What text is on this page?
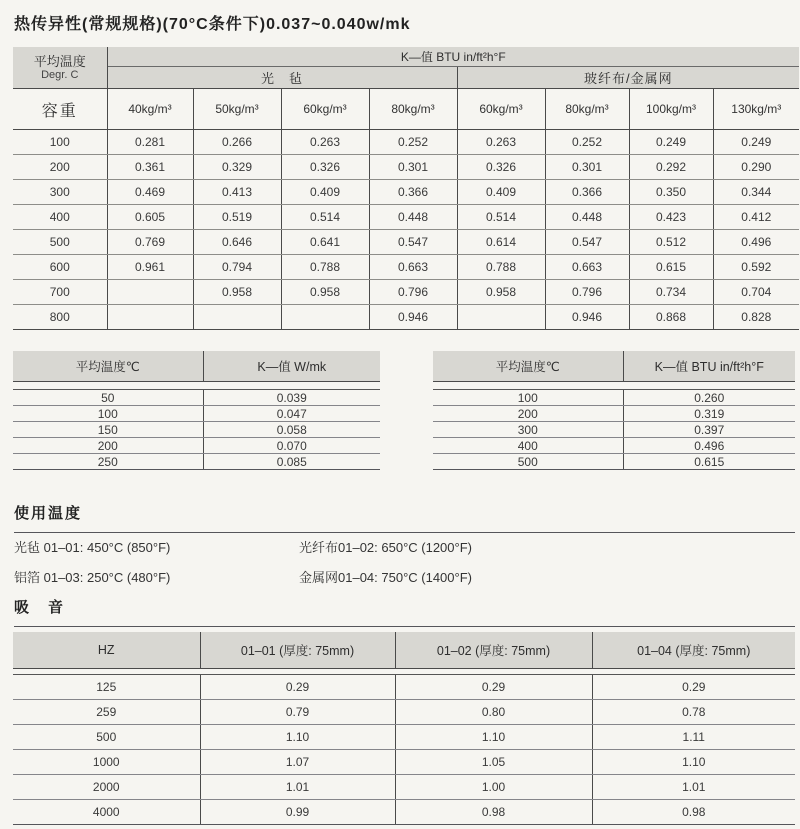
热传异性(常规规格)(70°C条件下)0.037~0.040w/mk
平均温度
Degr. C	K—值 BTU in/ft²h°F							
	光　毡				玻纤布/金属网			
容重	40kg/m³	50kg/m³	60kg/m³	80kg/m³	60kg/m³	80kg/m³	100kg/m³	130kg/m³
100	0.281	0.266	0.263	0.252	0.263	0.252	0.249	0.249
200	0.361	0.329	0.326	0.301	0.326	0.301	0.292	0.290
300	0.469	0.413	0.409	0.366	0.409	0.366	0.350	0.344
400	0.605	0.519	0.514	0.448	0.514	0.448	0.423	0.412
500	0.769	0.646	0.641	0.547	0.614	0.547	0.512	0.496
600	0.961	0.794	0.788	0.663	0.788	0.663	0.615	0.592
700		0.958	0.958	0.796	0.958	0.796	0.734	0.704
800				0.946		0.946	0.868	0.828
平均温度℃	K—值 W/mk

50	0.039
100	0.047
150	0.058
200	0.070
250	0.085
平均温度℃	K—值 BTU in/ft²h°F

100	0.260
200	0.319
300	0.397
400	0.496
500	0.615
使用温度
光毡 01–01: 450°C (850°F)	光纤布01–02: 650°C (1200°F)
铝箔 01–03: 250°C (480°F)	金属网01–04: 750°C (1400°F)
吸　音
HZ	01–01 (厚度: 75mm)	01–02 (厚度: 75mm)	01–04 (厚度: 75mm)

125	0.29	0.29	0.29
259	0.79	0.80	0.78
500	1.10	1.10	1.11
1000	1.07	1.05	1.10
2000	1.01	1.00	1.01
4000	0.99	0.98	0.98
